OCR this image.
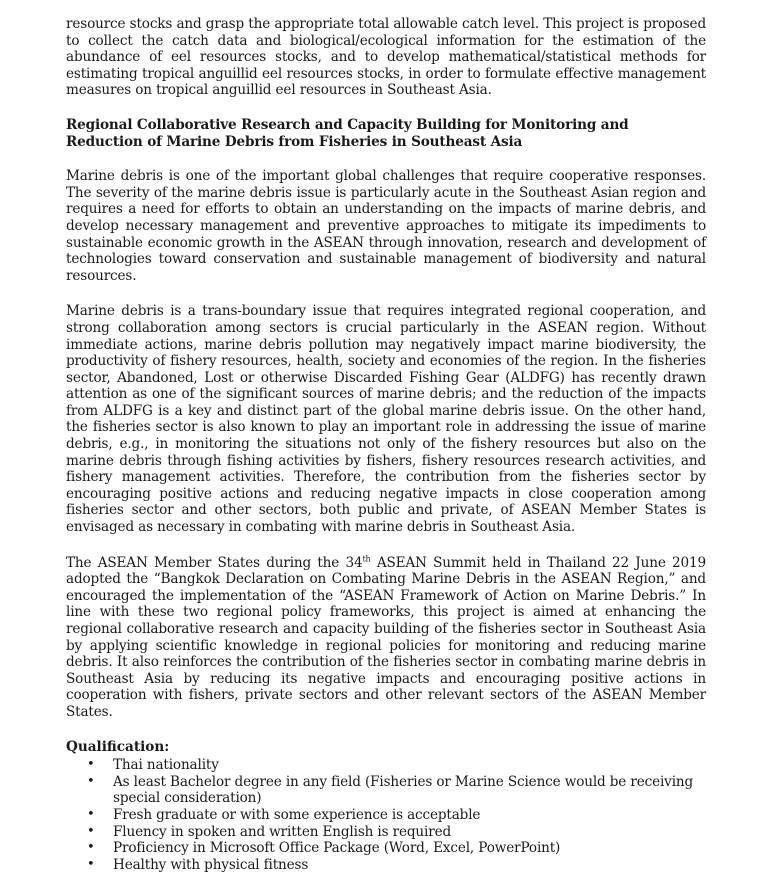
resource stocks and grasp the appropriate total allowable catch level. This project is proposed to collect the catch data and biological/ecological information for the estimation of the abundance of eel resources stocks, and to develop mathematical/statistical methods for estimating tropical anguillid eel resources stocks, in order to formulate effective management measures on tropical anguillid eel resources in Southeast Asia.

Regional Collaborative Research and Capacity Building for Monitoring and Reduction of Marine Debris from Fisheries in Southeast Asia

Marine debris is one of the important global challenges that require cooperative responses. The severity of the marine debris issue is particularly acute in the Southeast Asian region and requires a need for efforts to obtain an understanding on the impacts of marine debris, and develop necessary management and preventive approaches to mitigate its impediments to sustainable economic growth in the ASEAN through innovation, research and development of technologies toward conservation and sustainable management of biodiversity and natural resources.

Marine debris is a trans-boundary issue that requires integrated regional cooperation, and strong collaboration among sectors is crucial particularly in the ASEAN region. Without immediate actions, marine debris pollution may negatively impact marine biodiversity, the productivity of fishery resources, health, society and economies of the region. In the fisheries sector, Abandoned, Lost or otherwise Discarded Fishing Gear (ALDFG) has recently drawn attention as one of the significant sources of marine debris; and the reduction of the impacts from ALDFG is a key and distinct part of the global marine debris issue. On the other hand, the fisheries sector is also known to play an important role in addressing the issue of marine debris, e.g., in monitoring the situations not only of the fishery resources but also on the marine debris through fishing activities by fishers, fishery resources research activities, and fishery management activities. Therefore, the contribution from the fisheries sector by encouraging positive actions and reducing negative impacts in close cooperation among fisheries sector and other sectors, both public and private, of ASEAN Member States is envisaged as necessary in combating with marine debris in Southeast Asia.

The ASEAN Member States during the 34th ASEAN Summit held in Thailand 22 June 2019 adopted the “Bangkok Declaration on Combating Marine Debris in the ASEAN Region,” and encouraged the implementation of the “ASEAN Framework of Action on Marine Debris.” In line with these two regional policy frameworks, this project is aimed at enhancing the regional collaborative research and capacity building of the fisheries sector in Southeast Asia by applying scientific knowledge in regional policies for monitoring and reducing marine debris. It also reinforces the contribution of the fisheries sector in combating marine debris in Southeast Asia by reducing its negative impacts and encouraging positive actions in cooperation with fishers, private sectors and other relevant sectors of the ASEAN Member States.

Qualification:

• Thai nationality
• As least Bachelor degree in any field (Fisheries or Marine Science would be receiving special consideration)
• Fresh graduate or with some experience is acceptable
• Fluency in spoken and written English is required
• Proficiency in Microsoft Office Package (Word, Excel, PowerPoint)
• Healthy with physical fitness
